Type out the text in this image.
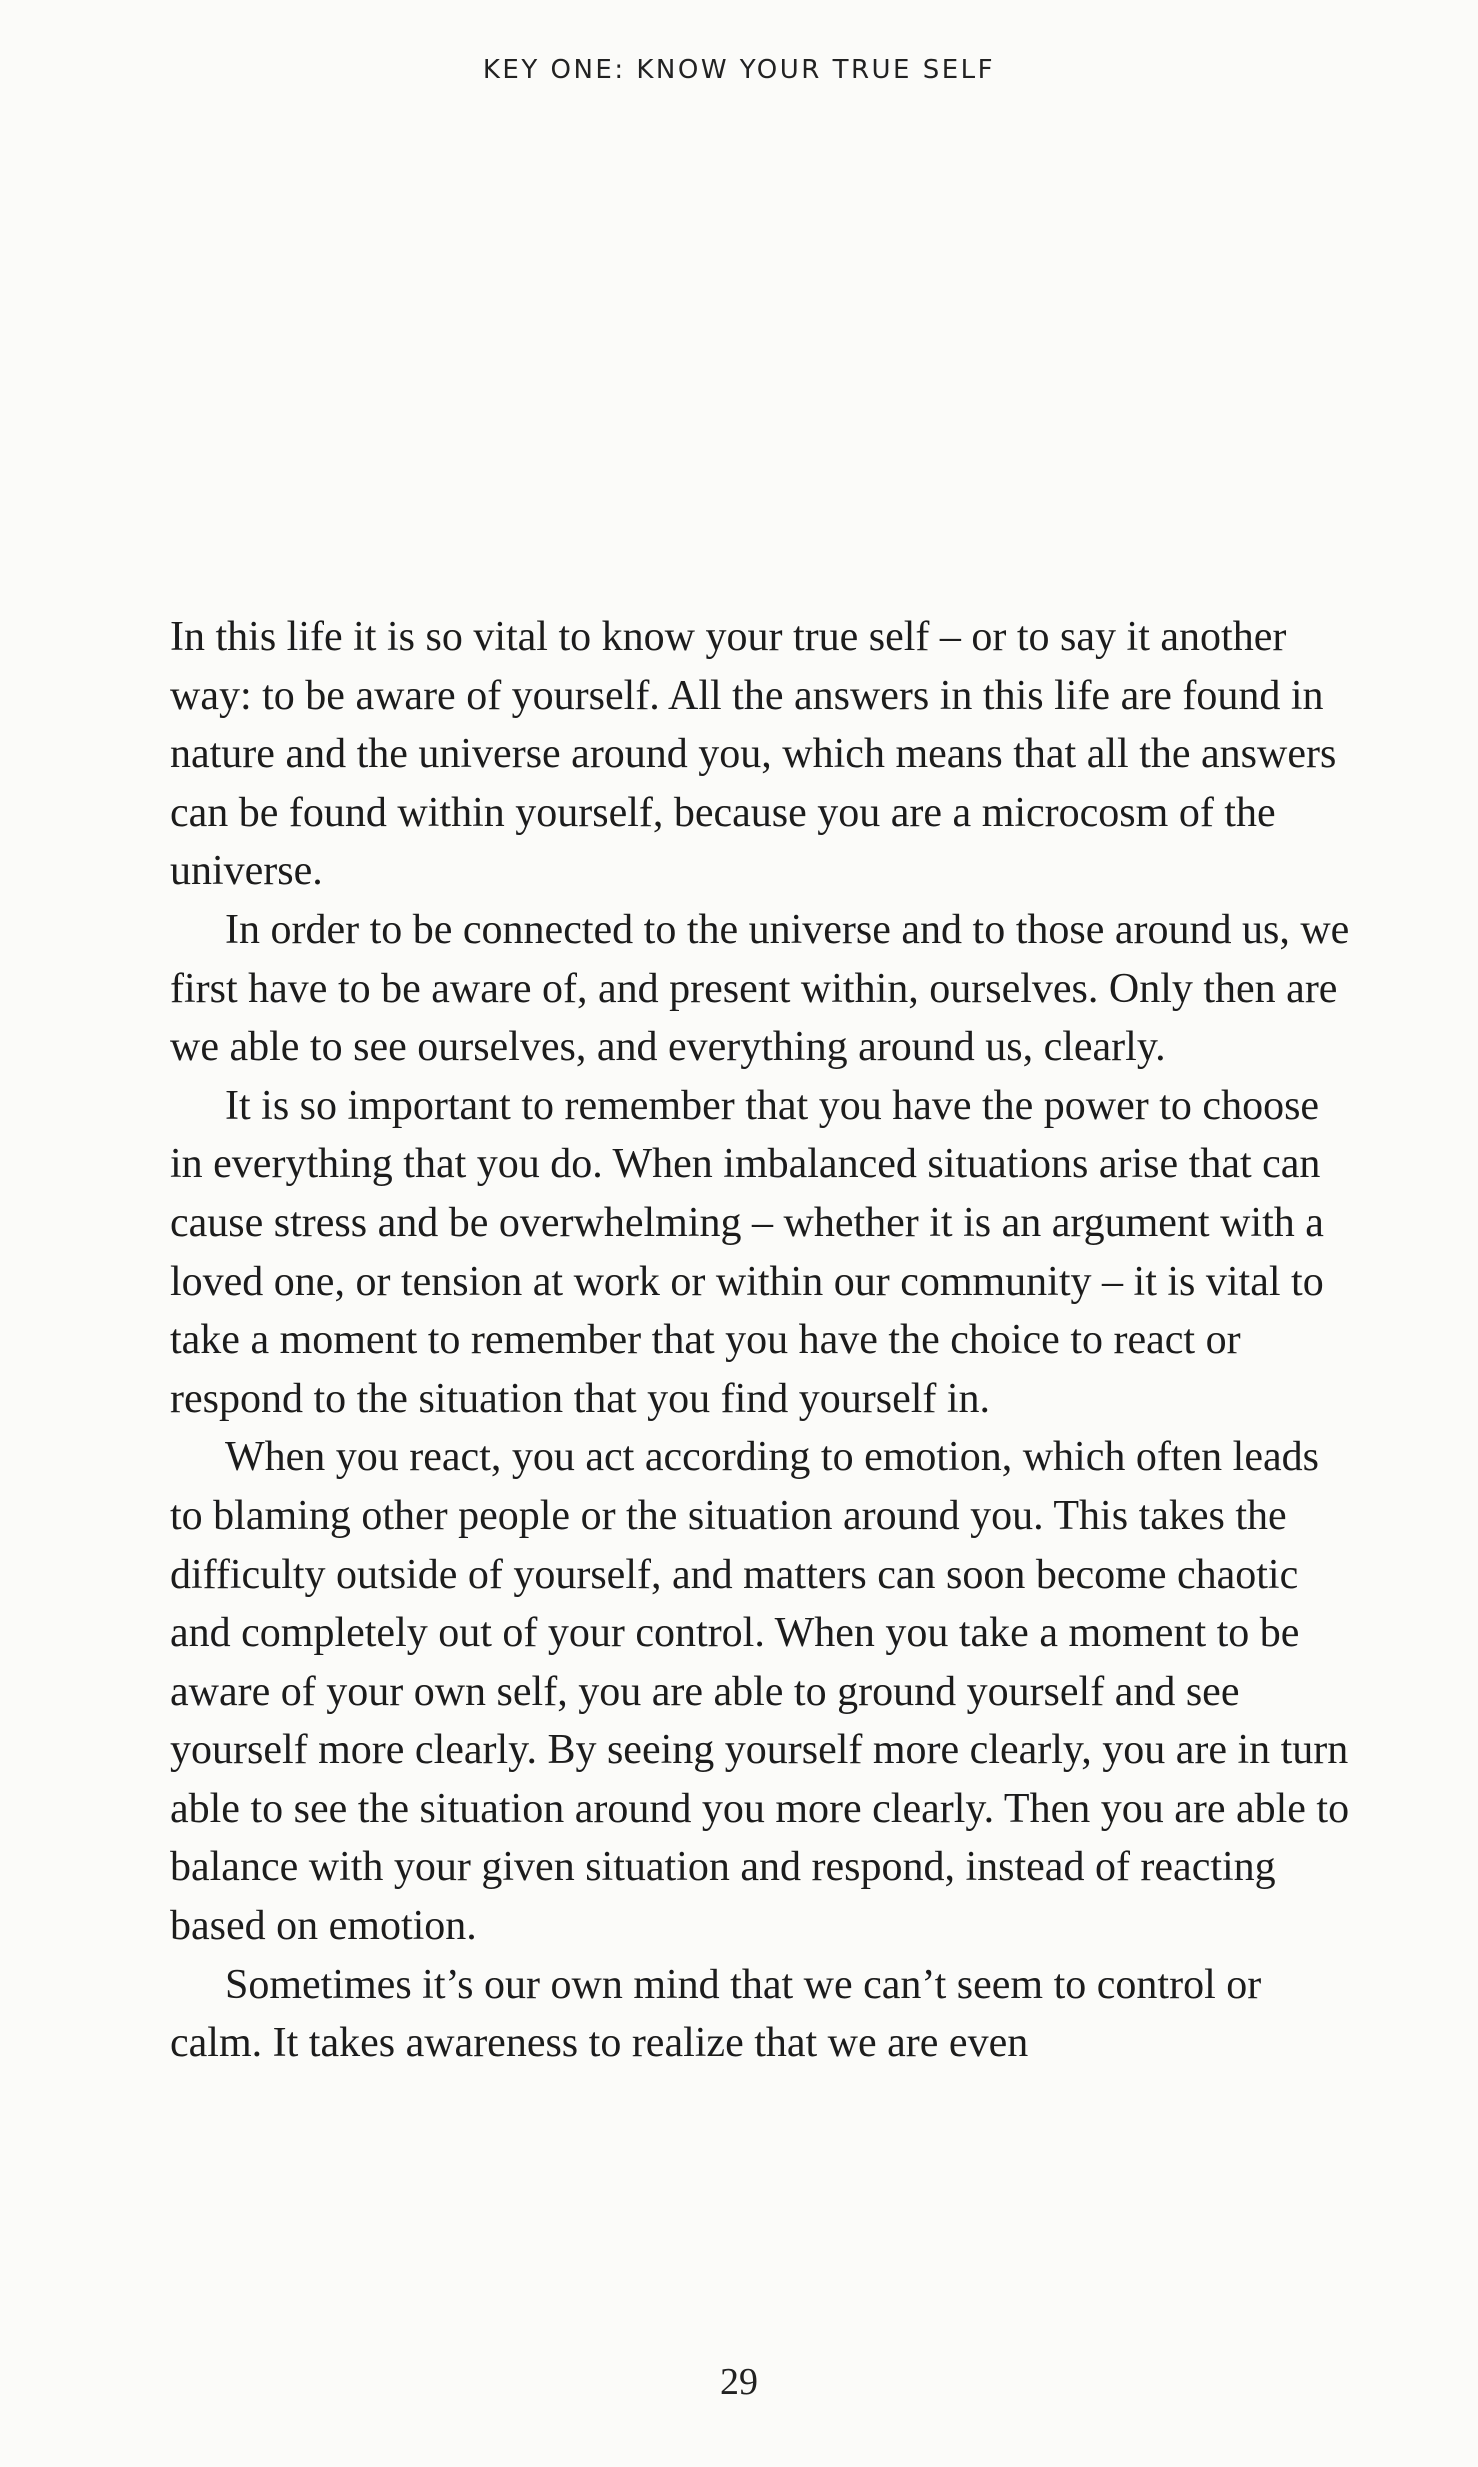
KEY ONE: KNOW YOUR TRUE SELF

In this life it is so vital to know your true self – or to say it another way: to be aware of yourself. All the answers in this life are found in nature and the universe around you, which means that all the answers can be found within yourself, because you are a microcosm of the universe.

In order to be connected to the universe and to those around us, we first have to be aware of, and present within, ourselves. Only then are we able to see ourselves, and everything around us, clearly.

It is so important to remember that you have the power to choose in everything that you do. When imbalanced situations arise that can cause stress and be overwhelming – whether it is an argument with a loved one, or tension at work or within our community – it is vital to take a moment to remember that you have the choice to react or respond to the situation that you find yourself in.

When you react, you act according to emotion, which often leads to blaming other people or the situation around you. This takes the difficulty outside of yourself, and matters can soon become chaotic and completely out of your control. When you take a moment to be aware of your own self, you are able to ground yourself and see yourself more clearly. By seeing yourself more clearly, you are in turn able to see the situation around you more clearly. Then you are able to balance with your given situation and respond, instead of reacting based on emotion.

Sometimes it’s our own mind that we can’t seem to control or calm. It takes awareness to realize that we are even

29
